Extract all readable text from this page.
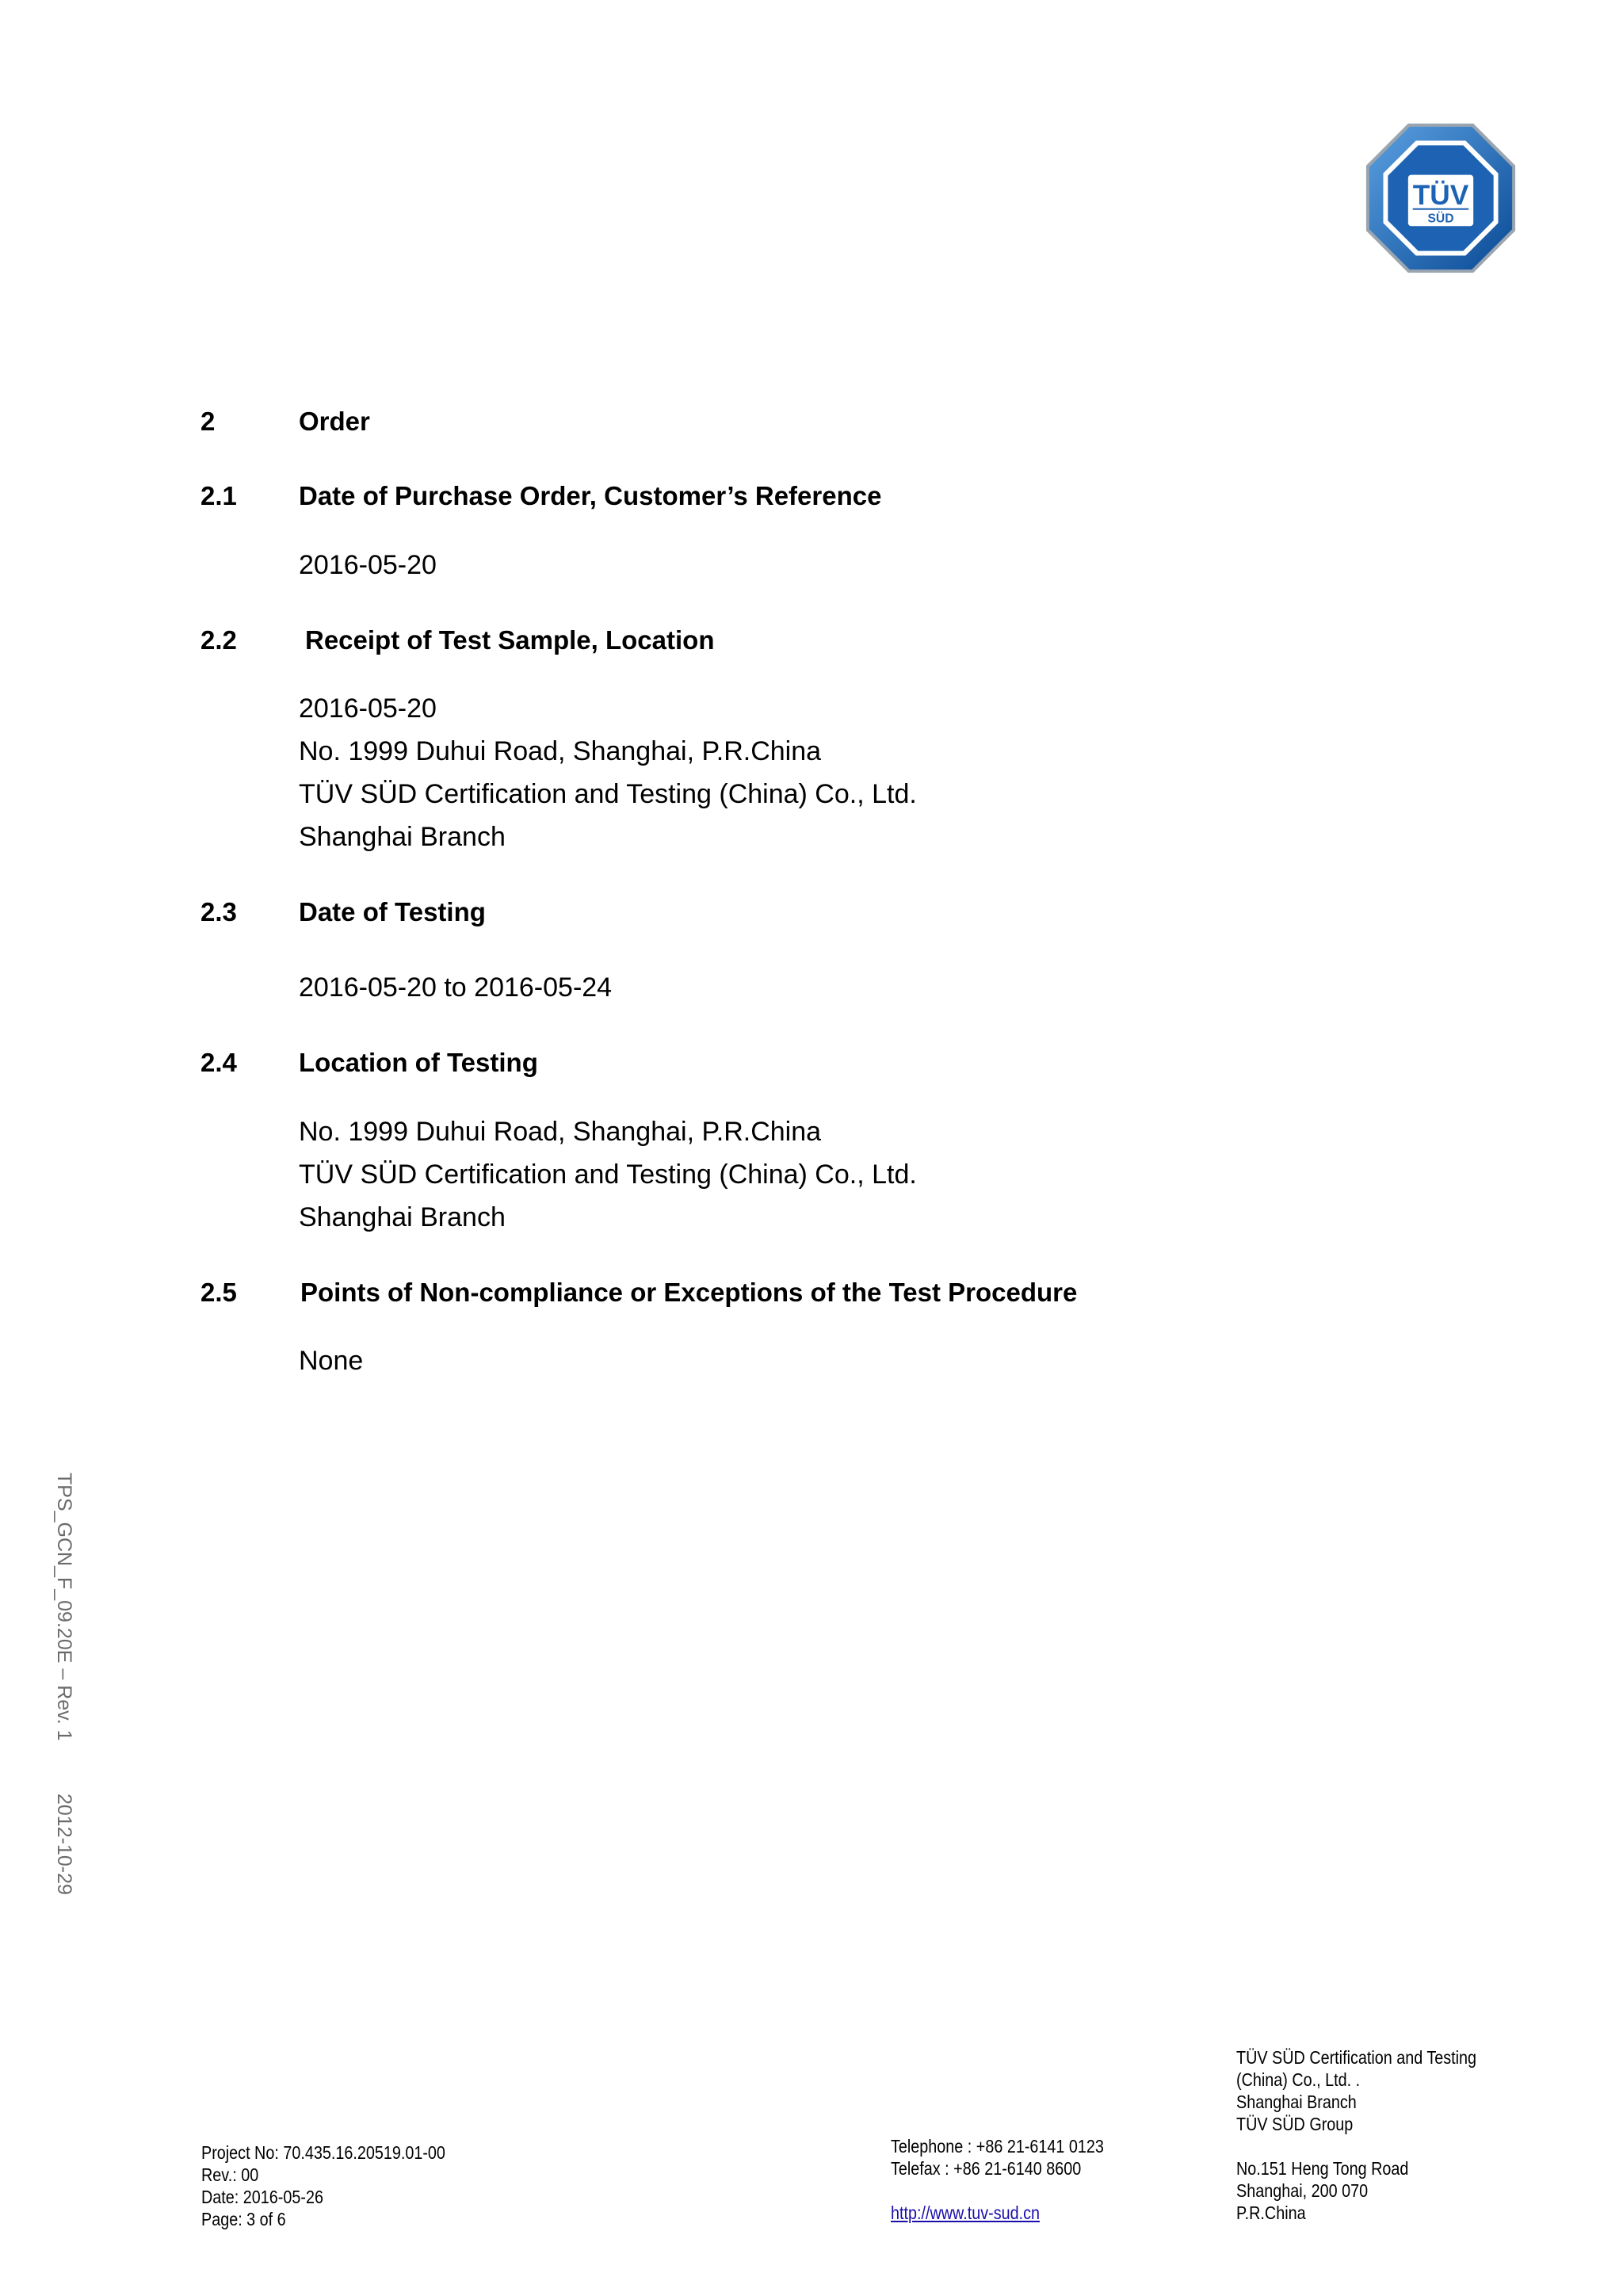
TÜV
SÜD
2	Order
2.1 Date of Purchase Order, Customer’s Reference
2016-05-20
2.2	Receipt of Test Sample, Location
2016-05-20
No. 1999 Duhui Road, Shanghai, P.R.China
TÜV SÜD Certification and Testing (China) Co., Ltd.
Shanghai Branch
2.3 Date of Testing
2016-05-20 to 2016-05-24
2.4 Location of Testing
No. 1999 Duhui Road, Shanghai, P.R.China
TÜV SÜD Certification and Testing (China) Co., Ltd.
Shanghai Branch
2.5 Points of Non-compliance or Exceptions of the Test Procedure
None
TPS_GCN_F_09.20E – Rev. 12012-10-29
Project No: 70.435.16.20519.01-00
Rev.: 00
Date: 2016-05-26
Page: 3 of 6
Telephone : +86 21-6141 0123
Telefax : +86 21-6140 8600
http://www.tuv-sud.cn
TÜV SÜD Certification and Testing
(China) Co., Ltd. .
Shanghai Branch
TÜV SÜD Group
No.151 Heng Tong Road
Shanghai, 200 070
P.R.China
